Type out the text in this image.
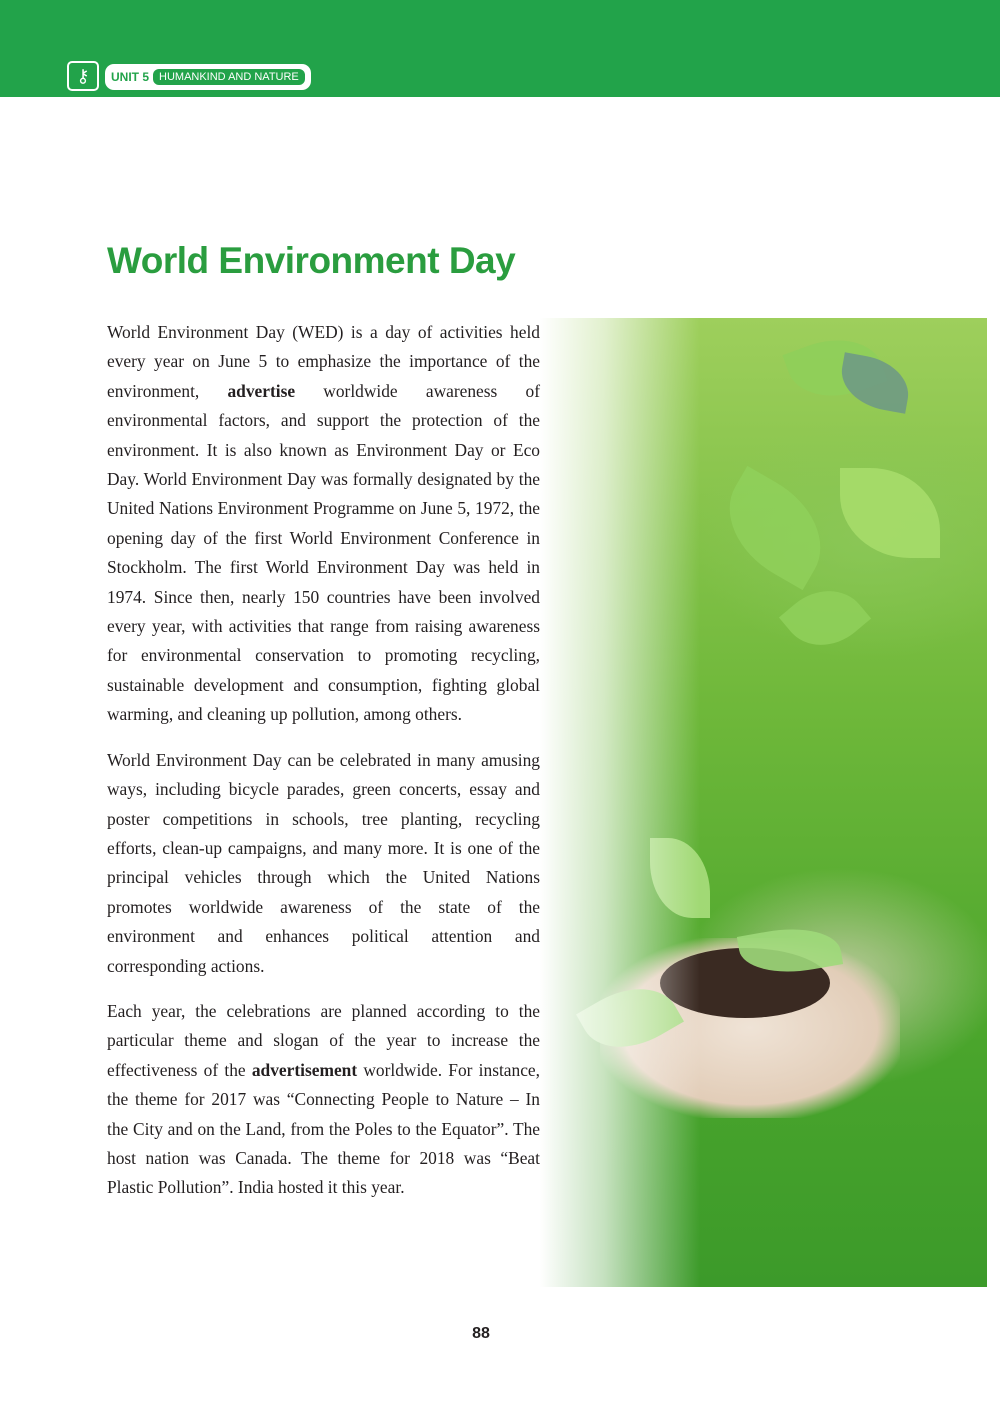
⚷	UNIT 5 HUMANKIND AND NATURE
World Environment Day

World Environment Day (WED) is a day of activities held every year on June 5 to emphasize the importance of the environment, advertise worldwide awareness of environmental factors, and support the protection of the environment. It is also known as Environment Day or Eco Day. World Environment Day was formally designated by the United Nations Environment Programme on June 5, 1972, the opening day of the first World Environment Conference in Stockholm. The first World Environment Day was held in 1974. Since then, nearly 150 countries have been involved every year, with activities that range from raising awareness for environmental conservation to promoting recycling, sustainable development and consumption, fighting global warming, and cleaning up pollution, among others.

World Environment Day can be celebrated in many amusing ways, including bicycle parades, green concerts, essay and poster competitions in schools, tree planting, recycling efforts, clean-up campaigns, and many more. It is one of the principal vehicles through which the United Nations promotes worldwide awareness of the state of the environment and enhances political attention and corresponding actions.

Each year, the celebrations are planned according to the particular theme and slogan of the year to increase the effectiveness of the advertisement worldwide. For instance, the theme for 2017 was “Connecting People to Nature – In the City and on the Land, from the Poles to the Equator”. The host nation was Canada. The theme for 2018 was “Beat Plastic Pollution”. India hosted it this year.

88
